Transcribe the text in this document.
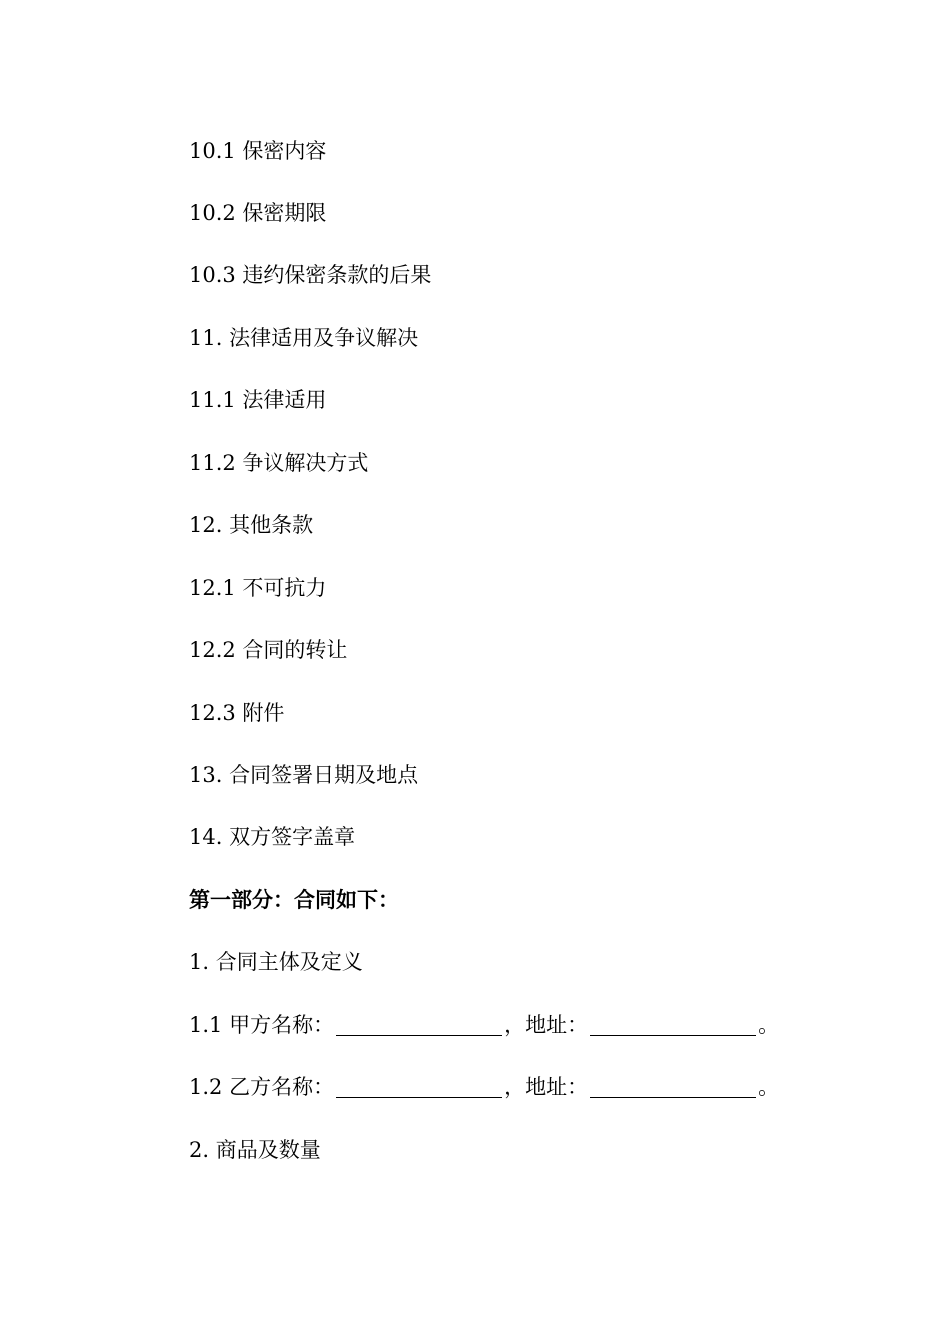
10.1 保密内容
10.2 保密期限
10.3 违约保密条款的后果
11. 法律适用及争议解决
11.1 法律适用
11.2 争议解决方式
12. 其他条款
12.1 不可抗力
12.2 合同的转让
12.3 附件
13. 合同签署日期及地点
14. 双方签字盖章
第一部分：合同如下：
1. 合同主体及定义
1.1 甲方名称：	，地址：	。
1.2 乙方名称：	，地址：	。
2. 商品及数量
